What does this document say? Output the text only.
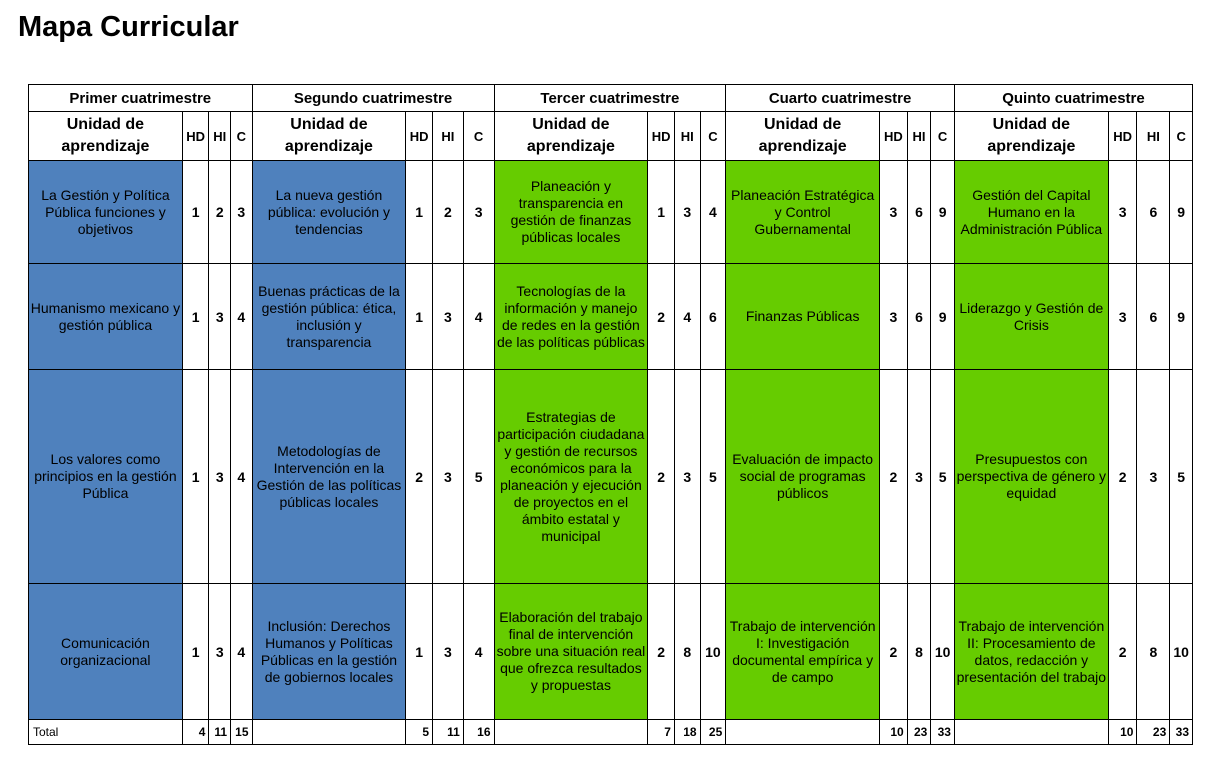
Mapa Curricular
Primer cuatrimestre				Segundo cuatrimestre				Tercer cuatrimestre				Cuarto cuatrimestre				Quinto cuatrimestre			
Unidad de aprendizaje	HD	HI	C	Unidad de aprendizaje	HD	HI	C	Unidad de aprendizaje	HD	HI	C	Unidad de aprendizaje	HD	HI	C	Unidad de aprendizaje	HD	HI	C
La Gestión y Política Pública funciones y objetivos	1	2	3	La nueva gestión pública: evolución y tendencias	1	2	3	Planeación y transparencia en gestión de finanzas públicas locales	1	3	4	Planeación Estratégica y Control Gubernamental	3	6	9	Gestión del Capital Humano en la Administración Pública	3	6	9
Humanismo mexicano y gestión pública	1	3	4	Buenas prácticas de la gestión pública: ética, inclusión y transparencia	1	3	4	Tecnologías de la información y manejo de redes en la gestión de las políticas públicas	2	4	6	Finanzas Públicas	3	6	9	Liderazgo y Gestión de Crisis	3	6	9
Los valores como principios en la gestión Pública	1	3	4	Metodologías de Intervención en la Gestión de las políticas públicas locales	2	3	5	Estrategias de participación ciudadana y gestión de recursos económicos para la planeación y ejecución de proyectos en el ámbito estatal y municipal	2	3	5	Evaluación de impacto social de programas públicos	2	3	5	Presupuestos con perspectiva de género y equidad	2	3	5
Comunicación organizacional	1	3	4	Inclusión: Derechos Humanos y Políticas Públicas en la gestión de gobiernos locales	1	3	4	Elaboración del trabajo final de intervención sobre una situación real que ofrezca resultados y propuestas	2	8	10	Trabajo de intervención I: Investigación documental empírica y de campo	2	8	10	Trabajo de intervención II: Procesamiento de datos, redacción y presentación del trabajo	2	8	10
Total	4	11	15		5	11	16		7	18	25		10	23	33		10	23	33
